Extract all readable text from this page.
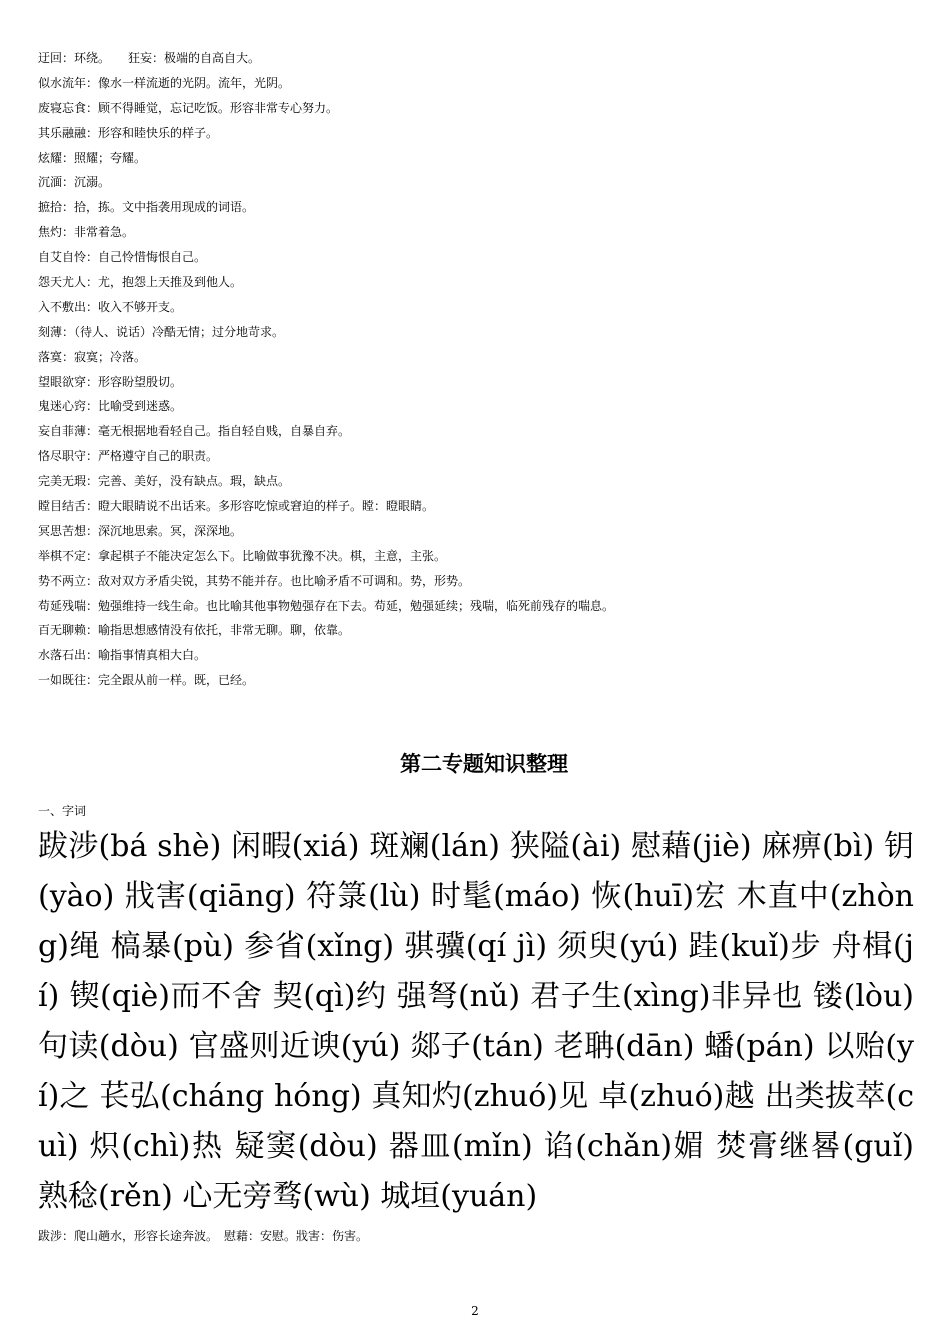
迂回：环绕。　　狂妄：极端的自高自大。
似水流年：像水一样流逝的光阴。流年，光阴。
废寝忘食：顾不得睡觉，忘记吃饭。形容非常专心努力。
其乐融融：形容和睦快乐的样子。
炫耀：照耀；夸耀。
沉湎：沉溺。
摭拾：拾，拣。文中指袭用现成的词语。
焦灼：非常着急。
自艾自怜：自己怜惜悔恨自己。
怨天尤人：尤，抱怨上天推及到他人。
入不敷出：收入不够开支。
刻薄：（待人、说话）冷酷无情；过分地苛求。
落寞：寂寞；冷落。
望眼欲穿：形容盼望殷切。
鬼迷心窍：比喻受到迷惑。
妄自菲薄：毫无根据地看轻自己。指自轻自贱，自暴自弃。
恪尽职守：严格遵守自己的职责。
完美无瑕：完善、美好，没有缺点。瑕，缺点。
瞠目结舌：瞪大眼睛说不出话来。多形容吃惊或窘迫的样子。瞠：瞪眼睛。
冥思苦想：深沉地思索。冥，深深地。
举棋不定：拿起棋子不能决定怎么下。比喻做事犹豫不决。棋，主意，主张。
势不两立：敌对双方矛盾尖锐，其势不能并存。也比喻矛盾不可调和。势，形势。
苟延残喘：勉强维持一线生命。也比喻其他事物勉强存在下去。苟延，勉强延续；残喘，临死前残存的喘息。
百无聊赖：喻指思想感情没有依托，非常无聊。聊，依靠。
水落石出：喻指事情真相大白。
一如既往：完全跟从前一样。既，已经。
第二专题知识整理
一、字词

跋涉(bá shè) 闲暇(xiá) 斑斓(lán) 狭隘(ài) 慰藉(jiè) 麻痹(bì) 钥(yào) 戕害(qiāng) 符箓(lù) 时髦(máo) 恢(huī)宏 木直中(zhòng)绳 槁暴(pù) 参省(xǐng) 骐骥(qí jì) 须臾(yú) 跬(kuǐ)步 舟楫(jí) 锲(qiè)而不舍 契(qì)约 强弩(nǔ) 君子生(xìng)非异也 镂(lòu) 句读(dòu) 官盛则近谀(yú) 郯子(tán) 老聃(dān) 蟠(pán) 以贻(yí)之 苌弘(cháng hóng) 真知灼(zhuó)见 卓(zhuó)越 出类拔萃(cuì) 炽(chì)热 疑窦(dòu) 器皿(mǐn) 谄(chǎn)媚 焚膏继晷(guǐ) 熟稔(rěn) 心无旁骛(wù) 城垣(yuán)

跋涉：爬山趟水，形容长途奔波。　慰藉：安慰。戕害：伤害。
2
